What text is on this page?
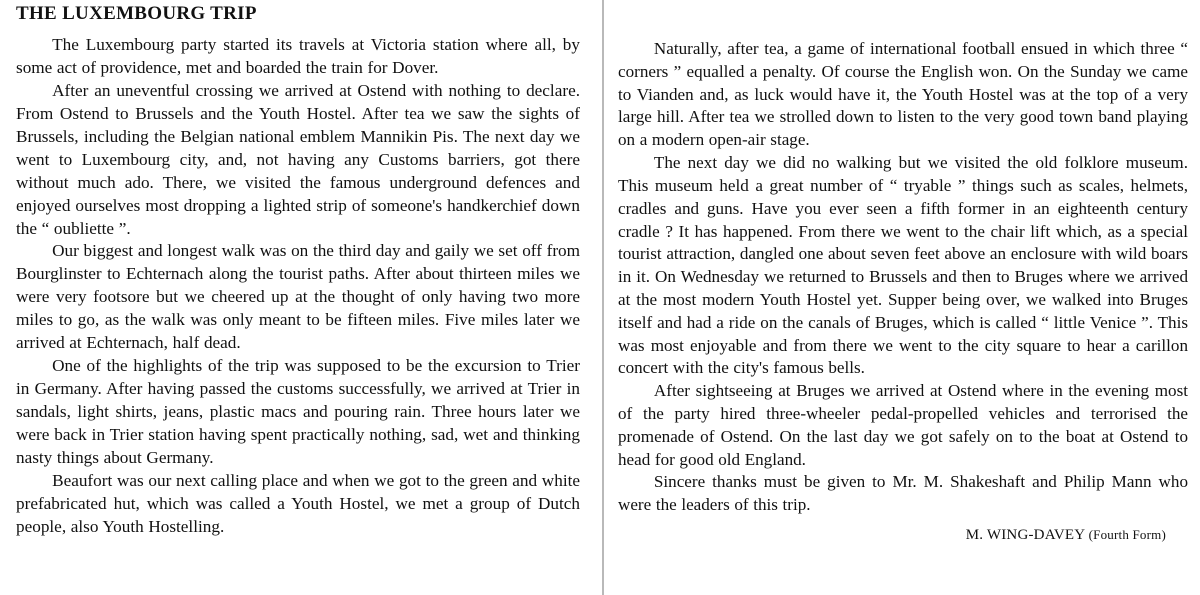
THE LUXEMBOURG TRIP

The Luxembourg party started its travels at Victoria station where all, by some act of providence, met and boarded the train for Dover.

After an uneventful crossing we arrived at Ostend with nothing to declare. From Ostend to Brussels and the Youth Hostel. After tea we saw the sights of Brussels, including the Belgian national emblem Mannikin Pis. The next day we went to Luxembourg city, and, not having any Customs barriers, got there without much ado. There, we visited the famous underground defences and enjoyed ourselves most dropping a lighted strip of someone's handkerchief down the “ oubliette ”.

Our biggest and longest walk was on the third day and gaily we set off from Bourglinster to Echternach along the tourist paths. After about thirteen miles we were very footsore but we cheered up at the thought of only having two more miles to go, as the walk was only meant to be fifteen miles. Five miles later we arrived at Echternach, half dead.

One of the highlights of the trip was supposed to be the excursion to Trier in Germany. After having passed the customs successfully, we arrived at Trier in sandals, light shirts, jeans, plastic macs and pouring rain. Three hours later we were back in Trier station having spent practically nothing, sad, wet and thinking nasty things about Germany.

Beaufort was our next calling place and when we got to the green and white prefabricated hut, which was called a Youth Hostel, we met a group of Dutch people, also Youth Hostelling.

Naturally, after tea, a game of international football ensued in which three “ corners ” equalled a penalty. Of course the English won. On the Sunday we came to Vianden and, as luck would have it, the Youth Hostel was at the top of a very large hill. After tea we strolled down to listen to the very good town band playing on a modern open-air stage.

The next day we did no walking but we visited the old folklore museum. This museum held a great number of “ tryable ” things such as scales, helmets, cradles and guns. Have you ever seen a fifth former in an eighteenth century cradle ? It has happened. From there we went to the chair lift which, as a special tourist attraction, dangled one about seven feet above an enclosure with wild boars in it. On Wednesday we returned to Brussels and then to Bruges where we arrived at the most modern Youth Hostel yet. Supper being over, we walked into Bruges itself and had a ride on the canals of Bruges, which is called “ little Venice ”. This was most enjoyable and from there we went to the city square to hear a carillon concert with the city's famous bells.

After sightseeing at Bruges we arrived at Ostend where in the evening most of the party hired three-wheeler pedal-propelled vehicles and terrorised the promenade of Ostend. On the last day we got safely on to the boat at Ostend to head for good old England.

Sincere thanks must be given to Mr. M. Shakeshaft and Philip Mann who were the leaders of this trip.

M. WING-DAVEY (Fourth Form)
